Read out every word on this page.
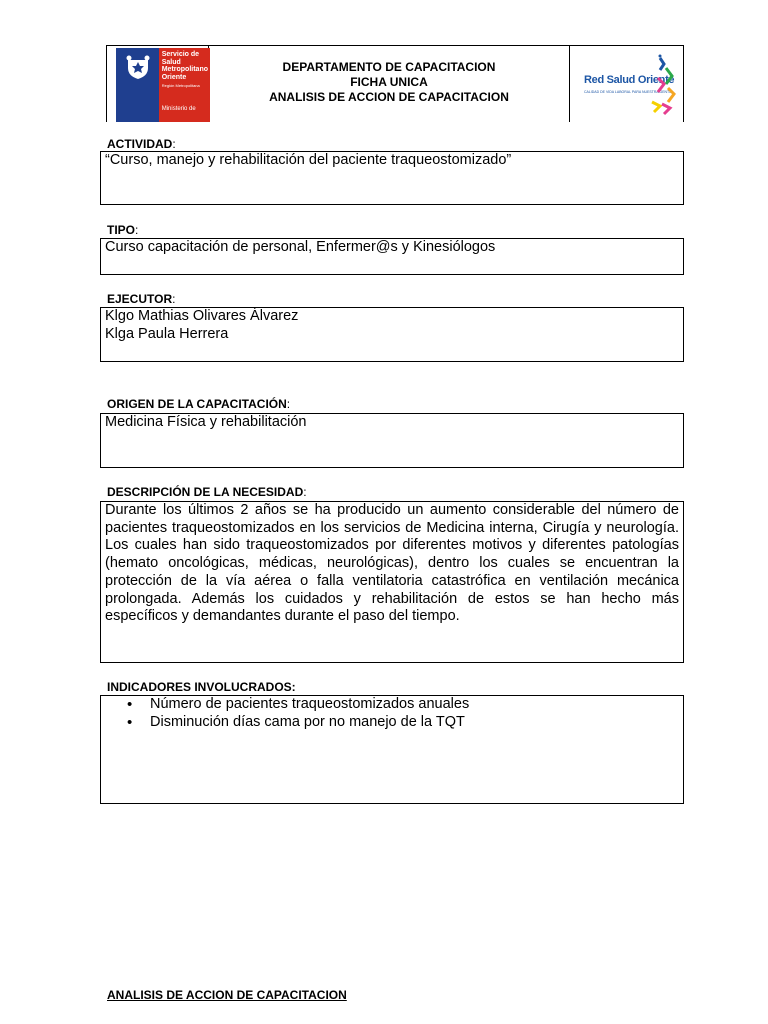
Servicio de
Salud
Metropolitano
Oriente
Región Metropolitana
Ministerio de
DEPARTAMENTO DE CAPACITACION
FICHA UNICA
ANALISIS DE ACCION DE CAPACITACION
Red Salud Oriente
CALIDAD DE VIDA LABORAL PARA NUESTRA GENTE
ACTIVIDAD:
“Curso, manejo y rehabilitación del paciente traqueostomizado”
TIPO:
Curso capacitación de personal, Enfermer@s y Kinesiólogos
EJECUTOR:
Klgo Mathias Olivares Álvarez
Klga Paula Herrera
ORIGEN DE LA CAPACITACIÓN:
Medicina Física y rehabilitación
DESCRIPCIÓN DE LA NECESIDAD:
Durante los últimos 2 años se ha producido un aumento considerable del número de pacientes traqueostomizados en los servicios de Medicina interna, Cirugía y neurología. Los cuales han sido traqueostomizados por diferentes motivos y diferentes patologías (hemato oncológicas, médicas, neurológicas), dentro los cuales se encuentran la protección de la vía aérea o falla ventilatoria catastrófica en ventilación mecánica prolongada. Además los cuidados y rehabilitación de estos se han hecho más específicos y demandantes durante el paso del tiempo.
INDICADORES INVOLUCRADOS:
• Número de pacientes traqueostomizados anuales
• Disminución días cama por no manejo de la TQT
ANALISIS DE ACCION DE CAPACITACION
